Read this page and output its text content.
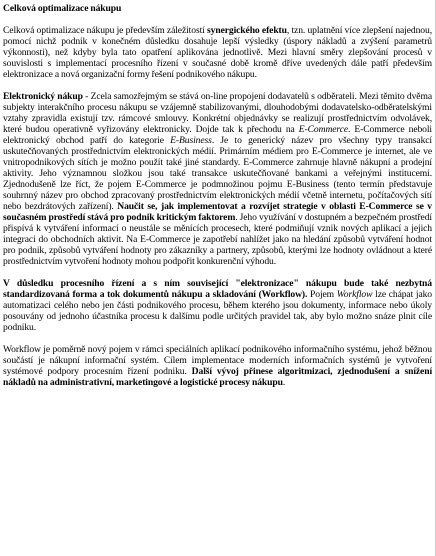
Celková optimalizace nákupu

Celková optimalizace nákupu je především záležitostí synergického efektu, tzn. uplatnění více zlepšení najednou, pomocí nichž podnik v konečném důsledku dosahuje lepší výsledky (úspory nákladů a zvýšení parametrů výkonnosti), než kdyby byla tato opatření aplikována jednotlivě. Mezi hlavní směry zlepšování procesů v souvislosti s implementací procesního řízení v současné době kromě dříve uvedených dále patří především elektronizace a nová organizační formy řešení podnikového nákupu.

Elektronický nákup - Zcela samozřejmým se stává on-line propojení dodavatelů s odběrateli. Mezi těmito dvěma subjekty interakčního procesu nákupu se vzájemně stabilizovanými, dlouhodobými dodavatelsko-odběratelskými vztahy zpravidla existují tzv. rámcové smlouvy. Konkrétní objednávky se realizují prostřednictvím odvolávek, které budou operativně vyřizovány elektronicky. Dojde tak k přechodu na E-Commerce. E-Commerce neboli elektronický obchod patří do kategorie E-Business. Je to generický název pro všechny typy transakcí uskutečňovaných prostřednictvím elektronických médií. Primárním médiem pro E-Commerce je internet, ale ve vnitropodnikových sítích je možno použít také jiné standardy. E-Commerce zahrnuje hlavně nákupní a prodejní aktivity. Jeho významnou složkou jsou také transakce uskutečňované bankami a veřejnými institucemi. Zjednodušeně lze říct, že pojem E-Commerce je podmnožinou pojmu E-Business (tento termín představuje souhrnný název pro obchod zpracovaný prostřednictvím elektronických médií včetně internetu, počítačových sítí nebo bezdrátových zařízení). Naučit se, jak implementovat a rozvíjet strategie v oblasti E-Commerce se v současném prostředí stává pro podnik kritickým faktorem. Jeho využívání v dostupném a bezpečném prostředí přispívá k vytváření informací o neustále se měnících procesech, které podmiňují vznik nových aplikací a jejich integraci do obchodních aktivit. Na E-Commerce je zapotřebí nahlížet jako na hledání způsobů vytváření hodnot pro podnik, způsobů vytváření hodnoty pro zákazníky a partnery, způsobů, kterými lze hodnoty ovládnout a které prostřednictvím vytvoření hodnoty mohou podpořit konkurenční výhodu.

V důsledku procesního řízení a s ním související "elektronizace" nákupu bude také nezbytná standardizovaná forma a tok dokumentů nákupu a skladování (Workflow). Pojem Workflow lze chápat jako automatizaci celého nebo jen části podnikového procesu, během kterého jsou dokumenty, informace nebo úkoly posouvány od jednoho účastníka procesu k dalšímu podle určitých pravidel tak, aby bylo možno snáze plnit cíle podniku.

Workflow je poměrně nový pojem v rámci speciálních aplikací podnikového informačního systému, jehož běžnou součástí je nákupní informační systém. Cílem implementace moderních informačních systémů je vytvoření systémové podpory procesním řízení podniku. Další vývoj přinese algoritmizaci, zjednodušení a snížení nákladů na administrativní, marketingové a logistické procesy nákupu.
